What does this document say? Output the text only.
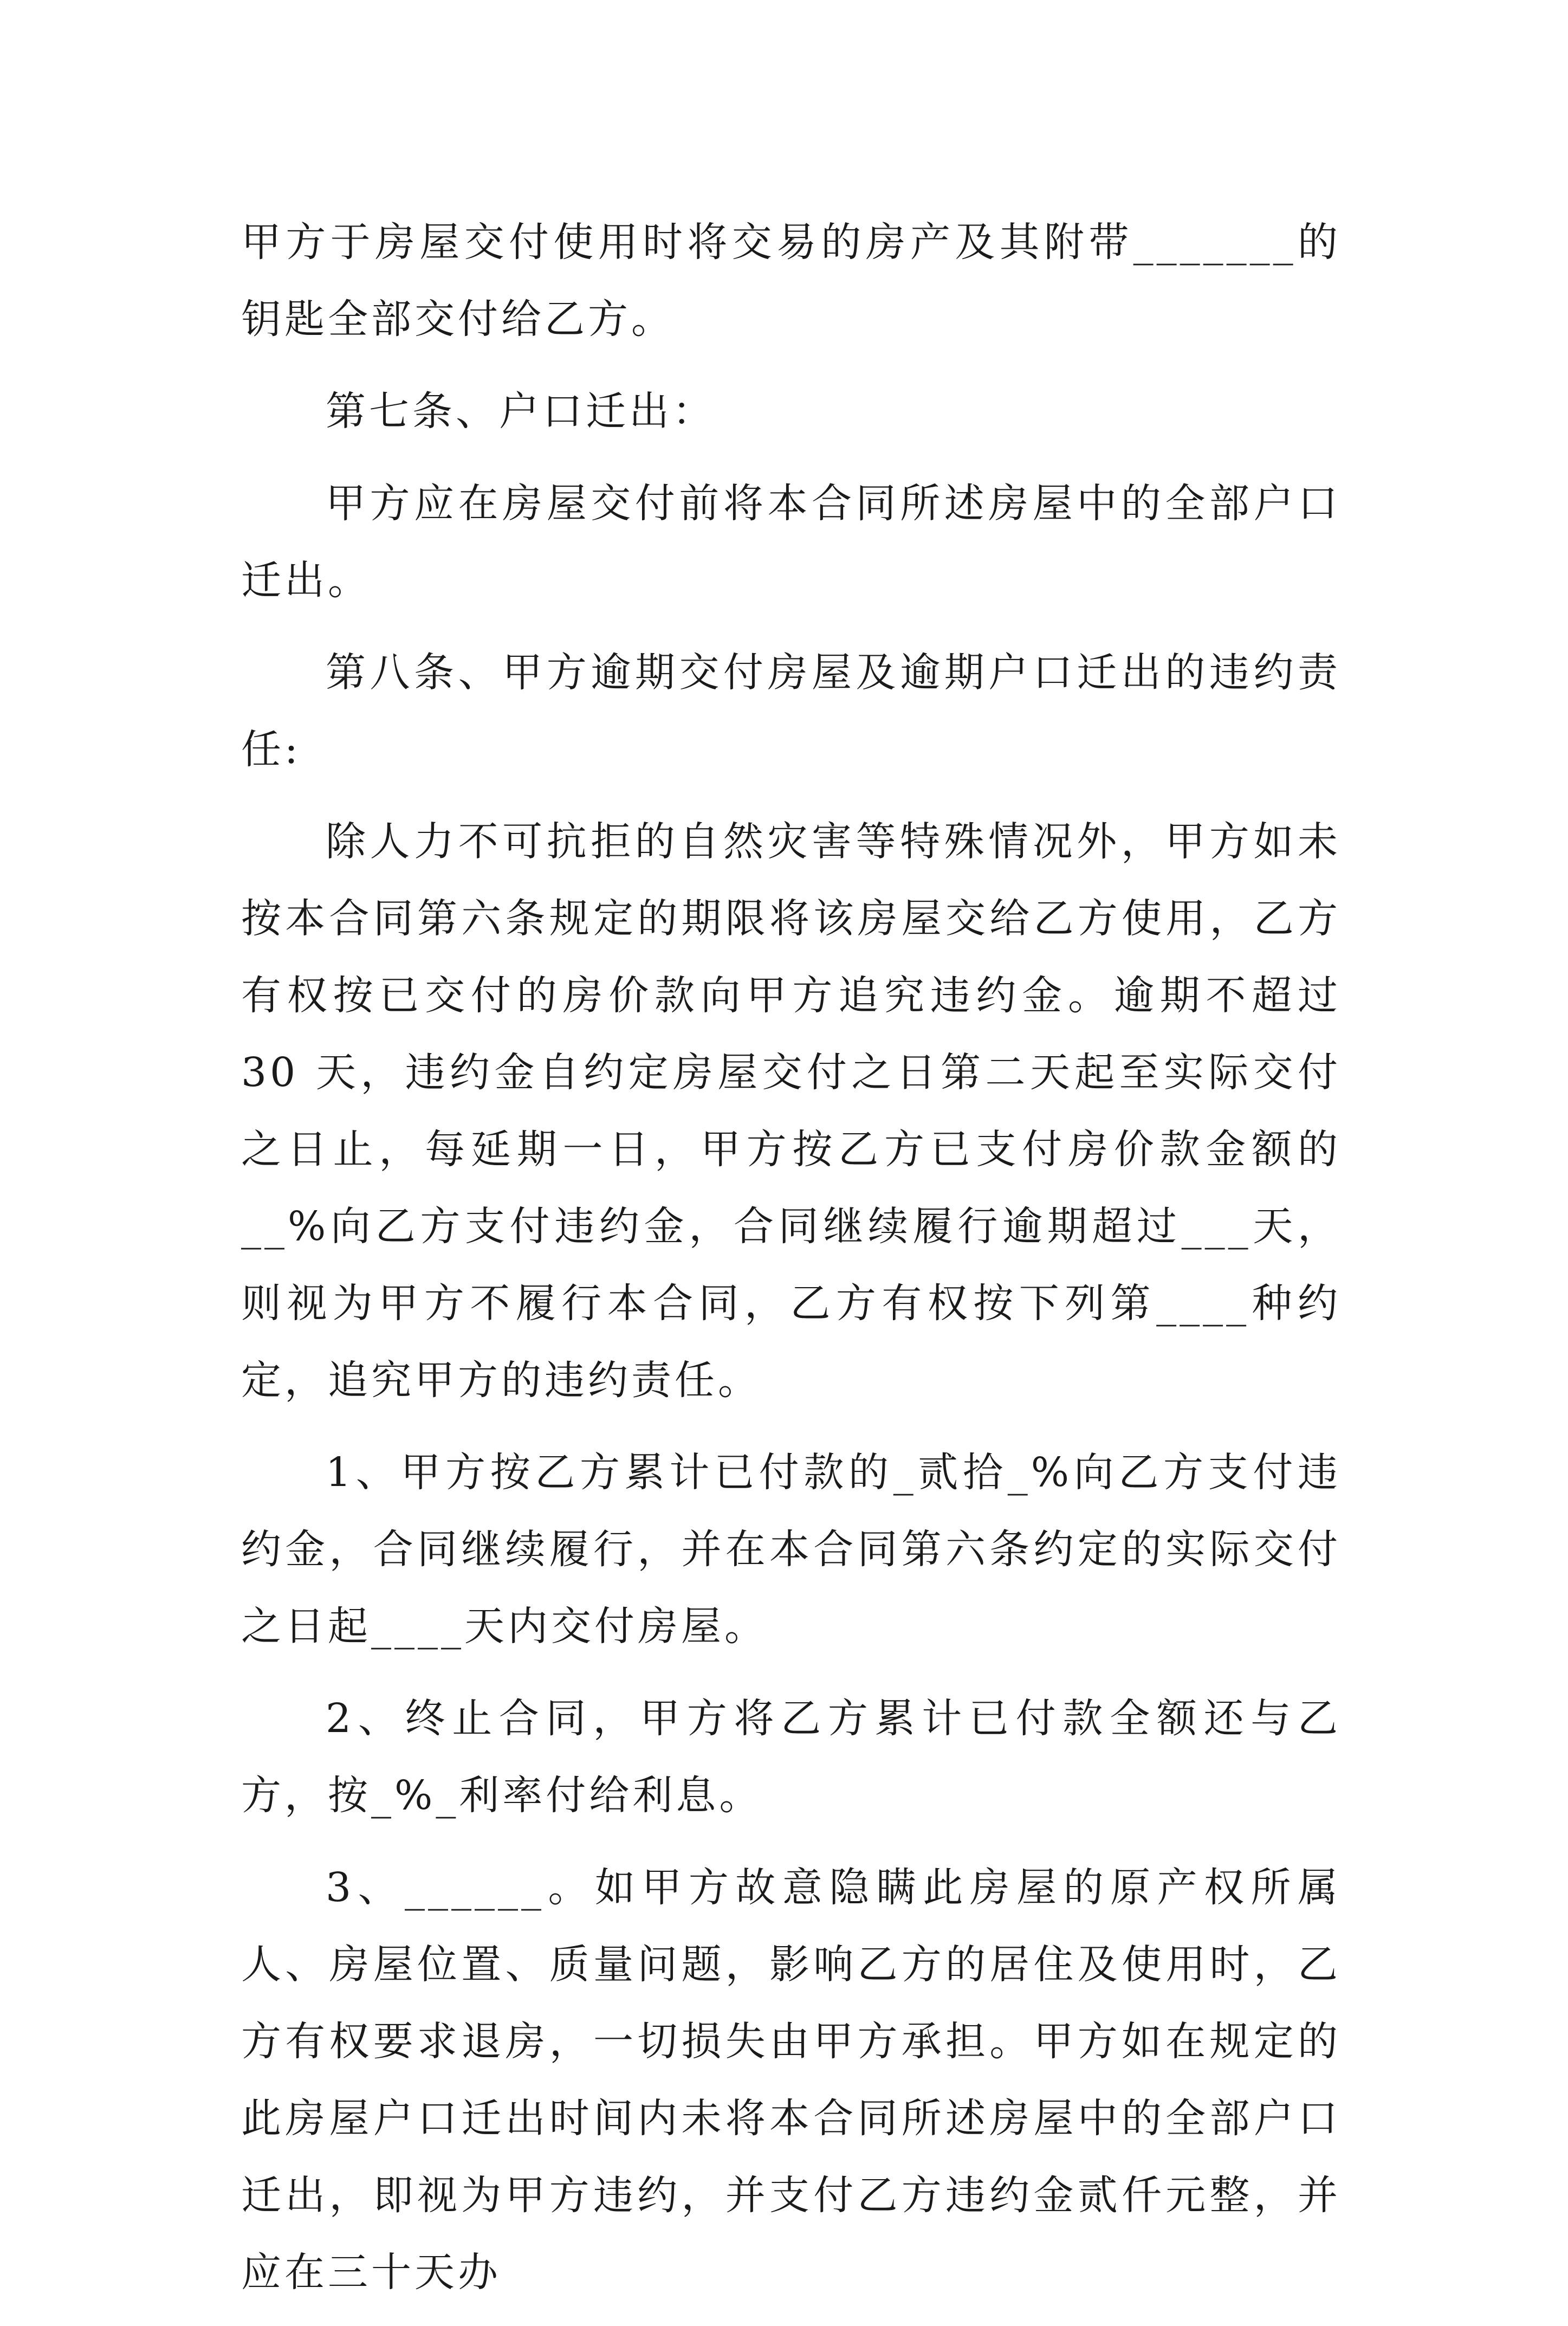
甲方于房屋交付使用时将交易的房产及其附带_______的钥匙全部交付给乙方。

第七条、户口迁出：

甲方应在房屋交付前将本合同所述房屋中的全部户口迁出。

第八条、甲方逾期交付房屋及逾期户口迁出的违约责任:

除人力不可抗拒的自然灾害等特殊情况外，甲方如未按本合同第六条规定的期限将该房屋交给乙方使用，乙方有权按已交付的房价款向甲方追究违约金。逾期不超过 30 天，违约金自约定房屋交付之日第二天起至实际交付之日止，每延期一日，甲方按乙方已支付房价款金额的__%向乙方支付违约金，合同继续履行逾期超过___天，则视为甲方不履行本合同，乙方有权按下列第____种约定，追究甲方的违约责任。

1、甲方按乙方累计已付款的_贰拾_%向乙方支付违约金，合同继续履行，并在本合同第六条约定的实际交付之日起____天内交付房屋。

2、终止合同，甲方将乙方累计已付款全额还与乙方，按_%_利率付给利息。

3、______。如甲方故意隐瞒此房屋的原产权所属人、房屋位置、质量问题，影响乙方的居住及使用时，乙方有权要求退房，一切损失由甲方承担。甲方如在规定的此房屋户口迁出时间内未将本合同所述房屋中的全部户口迁出，即视为甲方违约，并支付乙方违约金贰仟元整，并应在三十天办
